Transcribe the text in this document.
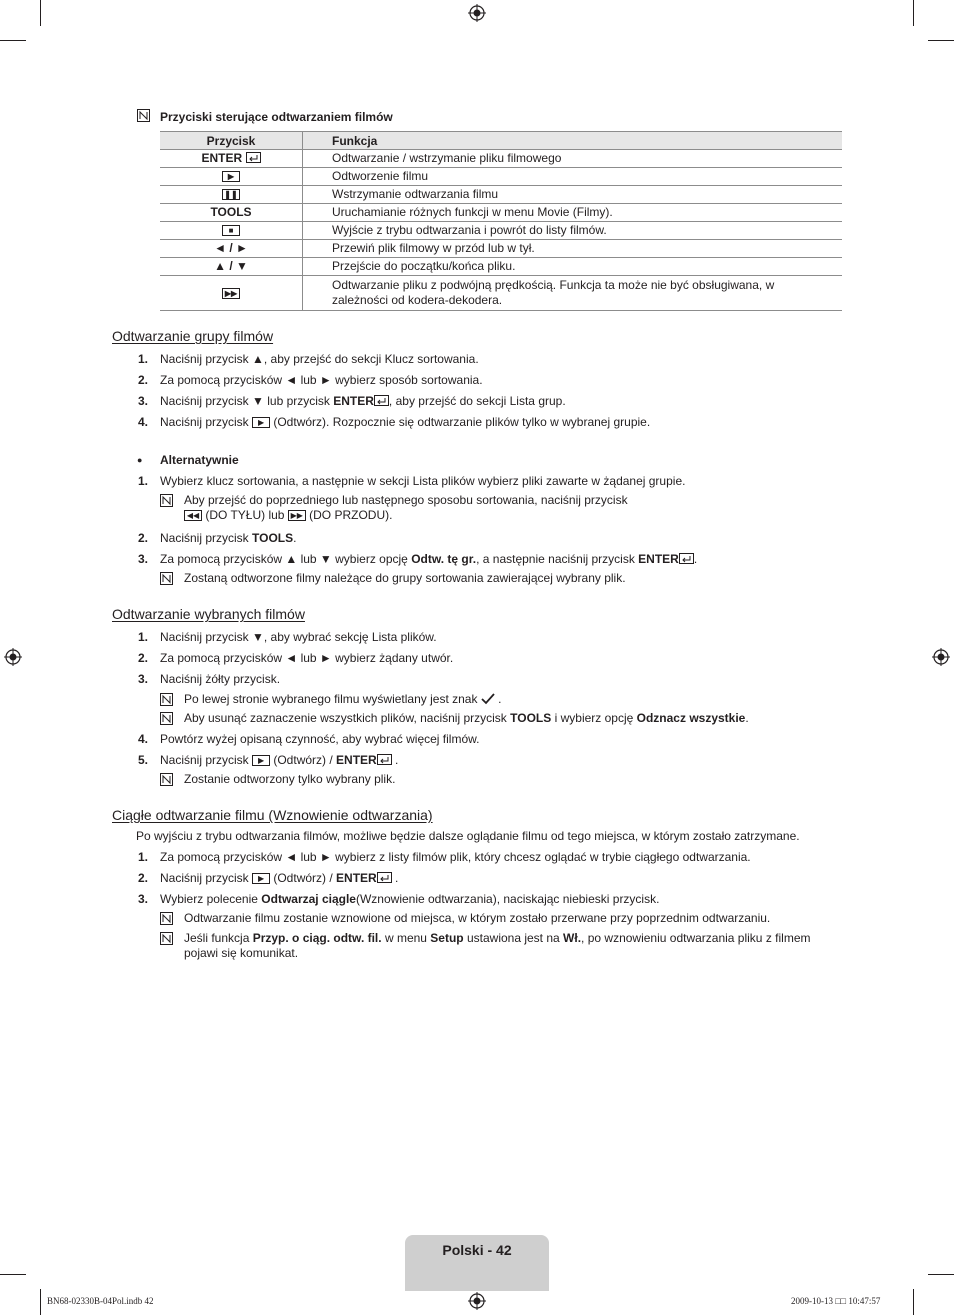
Przyciski sterujące odtwarzaniem filmów
Przycisk	Funkcja
ENTER	Odtwarzanie / wstrzymanie pliku filmowego
▶	Odtworzenie filmu
❚❚	Wstrzymanie odtwarzania filmu
TOOLS	Uruchamianie różnych funkcji w menu Movie (Filmy).
■	Wyjście z trybu odtwarzania i powrót do listy filmów.
◄ / ►	Przewiń plik filmowy w przód lub w tył.
▲ / ▼	Przejście do początku/końca pliku.
▶▶	Odtwarzanie pliku z podwójną prędkością. Funkcja ta może nie być obsługiwana, w zależności od kodera-dekodera.
Odtwarzanie grupy filmów
1. Naciśnij przycisk ▲, aby przejść do sekcji Klucz sortowania.
2. Za pomocą przycisków ◄ lub ► wybierz sposób sortowania.
3. Naciśnij przycisk ▼ lub przycisk ENTER , aby przejść do sekcji Lista grup.
4. Naciśnij przycisk ▶ (Odtwórz). Rozpocznie się odtwarzanie plików tylko w wybranej grupie.
● Alternatywnie
1. Wybierz klucz sortowania, a następnie w sekcji Lista plików wybierz pliki zawarte w żądanej grupie.
Aby przejść do poprzedniego lub następnego sposobu sortowania, naciśnij przycisk
◀◀ (DO TYŁU) lub ▶▶ (DO PRZODU).
2. Naciśnij przycisk TOOLS.
3. Za pomocą przycisków ▲ lub ▼ wybierz opcję Odtw. tę gr., a następnie naciśnij przycisk ENTER .
Zostaną odtworzone filmy należące do grupy sortowania zawierającej wybrany plik.
Odtwarzanie wybranych filmów
1. Naciśnij przycisk ▼, aby wybrać sekcję Lista plików.
2. Za pomocą przycisków ◄ lub ► wybierz żądany utwór.
3. Naciśnij żółty przycisk.
Po lewej stronie wybranego filmu wyświetlany jest znak  .
Aby usunąć zaznaczenie wszystkich plików, naciśnij przycisk TOOLS i wybierz opcję Odznacz wszystkie.
4. Powtórz wyżej opisaną czynność, aby wybrać więcej filmów.
5. Naciśnij przycisk ▶ (Odtwórz) / ENTER .
Zostanie odtworzony tylko wybrany plik.
Ciągłe odtwarzanie filmu (Wznowienie odtwarzania)
Po wyjściu z trybu odtwarzania filmów, możliwe będzie dalsze oglądanie filmu od tego miejsca, w którym zostało zatrzymane.
1. Za pomocą przycisków ◄ lub ► wybierz z listy filmów plik, który chcesz oglądać w trybie ciągłego odtwarzania.
2. Naciśnij przycisk ▶ (Odtwórz) / ENTER .
3. Wybierz polecenie Odtwarzaj ciągle(Wznowienie odtwarzania), naciskając niebieski przycisk.
Odtwarzanie filmu zostanie wznowione od miejsca, w którym zostało przerwane przy poprzednim odtwarzaniu.
Jeśli funkcja Przyp. o ciąg. odtw. fil. w menu Setup ustawiona jest na Wł., po wznowieniu odtwarzania pliku z filmem pojawi się komunikat.
Polski - 42
BN68-02330B-04Pol.indb 42	2009-10-13 □□ 10:47:57
